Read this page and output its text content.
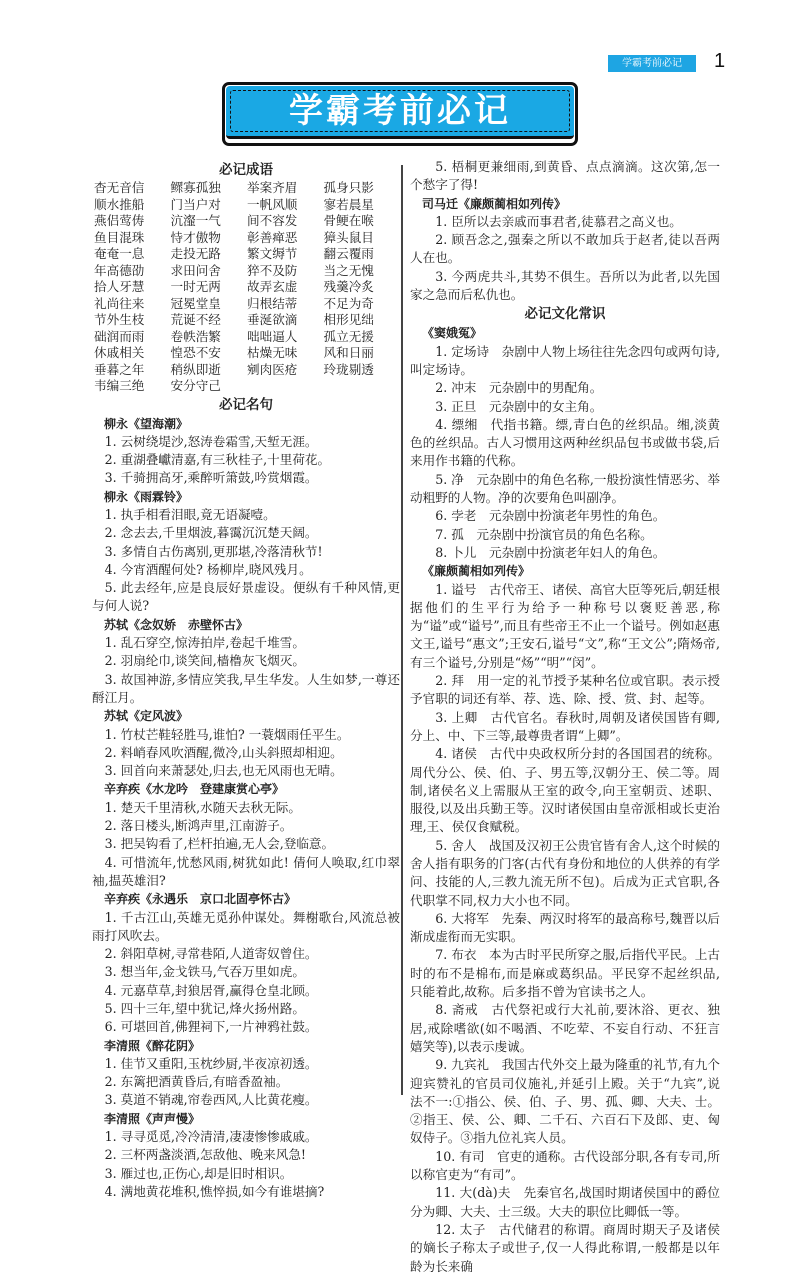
学霸考前必记	1
学霸考前必记
必记成语
杳无音信	鳏寡孤独	举案齐眉	孤身只影
顺水推船	门当户对	一帆风顺	寥若晨星
燕侣莺俦	沆瀣一气	间不容发	骨鲠在喉
鱼目混珠	恃才傲物	彰善瘅恶	獐头鼠目
奄奄一息	走投无路	繁文缛节	翻云覆雨
年高德劭	求田问舍	猝不及防	当之无愧
拾人牙慧	一时无两	故弄玄虚	残羹冷炙
礼尚往来	冠冕堂皇	归根结蒂	不足为奇
节外生枝	荒诞不经	垂涎欲滴	相形见绌
础润而雨	卷帙浩繁	咄咄逼人	孤立无援
休戚相关	惶恐不安	枯燥无味	风和日丽
垂暮之年	稍纵即逝	剜肉医疮	玲珑剔透
韦编三绝	安分守己
必记名句
柳永《望海潮》
1. 云树绕堤沙,怒涛卷霜雪,天堑无涯。
2. 重湖叠巘清嘉,有三秋桂子,十里荷花。
3. 千骑拥高牙,乘醉听箫鼓,吟赏烟霞。
柳永《雨霖铃》
1. 执手相看泪眼,竟无语凝噎。
2. 念去去,千里烟波,暮霭沉沉楚天阔。
3. 多情自古伤离别,更那堪,冷落清秋节!
4. 今宵酒醒何处? 杨柳岸,晓风残月。
5. 此去经年,应是良辰好景虚设。便纵有千种风情,更与何人说?
苏轼《念奴娇　赤壁怀古》
1. 乱石穿空,惊涛拍岸,卷起千堆雪。
2. 羽扇纶巾,谈笑间,樯橹灰飞烟灭。
3. 故国神游,多情应笑我,早生华发。人生如梦,一尊还酹江月。
苏轼《定风波》
1. 竹杖芒鞋轻胜马,谁怕? 一蓑烟雨任平生。
2. 料峭春风吹酒醒,微冷,山头斜照却相迎。
3. 回首向来萧瑟处,归去,也无风雨也无晴。
辛弃疾《水龙吟　登建康赏心亭》
1. 楚天千里清秋,水随天去秋无际。
2. 落日楼头,断鸿声里,江南游子。
3. 把吴钩看了,栏杆拍遍,无人会,登临意。
4. 可惜流年,忧愁风雨,树犹如此! 倩何人唤取,红巾翠袖,揾英雄泪?
辛弃疾《永遇乐　京口北固亭怀古》
1. 千古江山,英雄无觅孙仲谋处。舞榭歌台,风流总被雨打风吹去。
2. 斜阳草树,寻常巷陌,人道寄奴曾住。
3. 想当年,金戈铁马,气吞万里如虎。
4. 元嘉草草,封狼居胥,赢得仓皇北顾。
5. 四十三年,望中犹记,烽火扬州路。
6. 可堪回首,佛狸祠下,一片神鸦社鼓。
李清照《醉花阴》
1. 佳节又重阳,玉枕纱厨,半夜凉初透。
2. 东篱把酒黄昏后,有暗香盈袖。
3. 莫道不销魂,帘卷西风,人比黄花瘦。
李清照《声声慢》
1. 寻寻觅觅,冷冷清清,凄凄惨惨戚戚。
2. 三杯两盏淡酒,怎敌他、晚来风急!
3. 雁过也,正伤心,却是旧时相识。
4. 满地黄花堆积,憔悴损,如今有谁堪摘?
5. 梧桐更兼细雨,到黄昏、点点滴滴。这次第,怎一个愁字了得!
司马迁《廉颇蔺相如列传》
1. 臣所以去亲戚而事君者,徒慕君之高义也。
2. 顾吾念之,强秦之所以不敢加兵于赵者,徒以吾两人在也。
3. 今两虎共斗,其势不俱生。吾所以为此者,以先国家之急而后私仇也。
必记文化常识
《窦娥冤》
1. 定场诗　杂剧中人物上场往往先念四句或两句诗,叫定场诗。
2. 冲末　元杂剧中的男配角。
3. 正旦　元杂剧中的女主角。
4. 缥缃　代指书籍。缥,青白色的丝织品。缃,淡黄色的丝织品。古人习惯用这两种丝织品包书或做书袋,后来用作书籍的代称。
5. 净　元杂剧中的角色名称,一般扮演性情恶劣、举动粗野的人物。净的次要角色叫副净。
6. 孛老　元杂剧中扮演老年男性的角色。
7. 孤　元杂剧中扮演官员的角色名称。
8. 卜儿　元杂剧中扮演老年妇人的角色。
《廉颇蔺相如列传》
1. 谥号　古代帝王、诸侯、高官大臣等死后,朝廷根据他们的生平行为给予一种称号以褒贬善恶,称为“谥”或“谥号”,而且有些帝王不止一个谥号。例如赵惠文王,谥号“惠文”;王安石,谥号“文”,称“王文公”;隋炀帝,有三个谥号,分别是“炀”“明”“闵”。
2. 拜　用一定的礼节授予某种名位或官职。表示授予官职的词还有举、荐、选、除、授、赏、封、起等。
3. 上卿　古代官名。春秋时,周朝及诸侯国皆有卿,分上、中、下三等,最尊贵者谓“上卿”。
4. 诸侯　古代中央政权所分封的各国国君的统称。周代分公、侯、伯、子、男五等,汉朝分王、侯二等。周制,诸侯名义上需服从王室的政令,向王室朝贡、述职、服役,以及出兵勤王等。汉时诸侯国由皇帝派相或长吏治理,王、侯仅食赋税。
5. 舍人　战国及汉初王公贵官皆有舍人,这个时候的舍人指有职务的门客(古代有身份和地位的人供养的有学问、技能的人,三教九流无所不包)。后成为正式官职,各代职掌不同,权力大小也不同。
6. 大将军　先秦、两汉时将军的最高称号,魏晋以后渐成虚衔而无实职。
7. 布衣　本为古时平民所穿之服,后指代平民。上古时的布不是棉布,而是麻或葛织品。平民穿不起丝织品,只能着此,故称。后多指不曾为官读书之人。
8. 斋戒　古代祭祀或行大礼前,要沐浴、更衣、独居,戒除嗜欲(如不喝酒、不吃荤、不妄自行动、不狂言嬉笑等),以表示虔诚。
9. 九宾礼　我国古代外交上最为隆重的礼节,有九个迎宾赞礼的官员司仪施礼,并延引上殿。关于“九宾”,说法不一:①指公、侯、伯、子、男、孤、卿、大夫、士。②指王、侯、公、卿、二千石、六百石下及郎、吏、匈奴侍子。③指九位礼宾人员。
10. 有司　官吏的通称。古代设部分职,各有专司,所以称官吏为“有司”。
11. 大(dà)夫　先秦官名,战国时期诸侯国中的爵位分为卿、大夫、士三级。大夫的职位比卿低一等。
12. 太子　古代储君的称谓。商周时期天子及诸侯的嫡长子称太子或世子,仅一人得此称谓,一般都是以年龄为长来确
